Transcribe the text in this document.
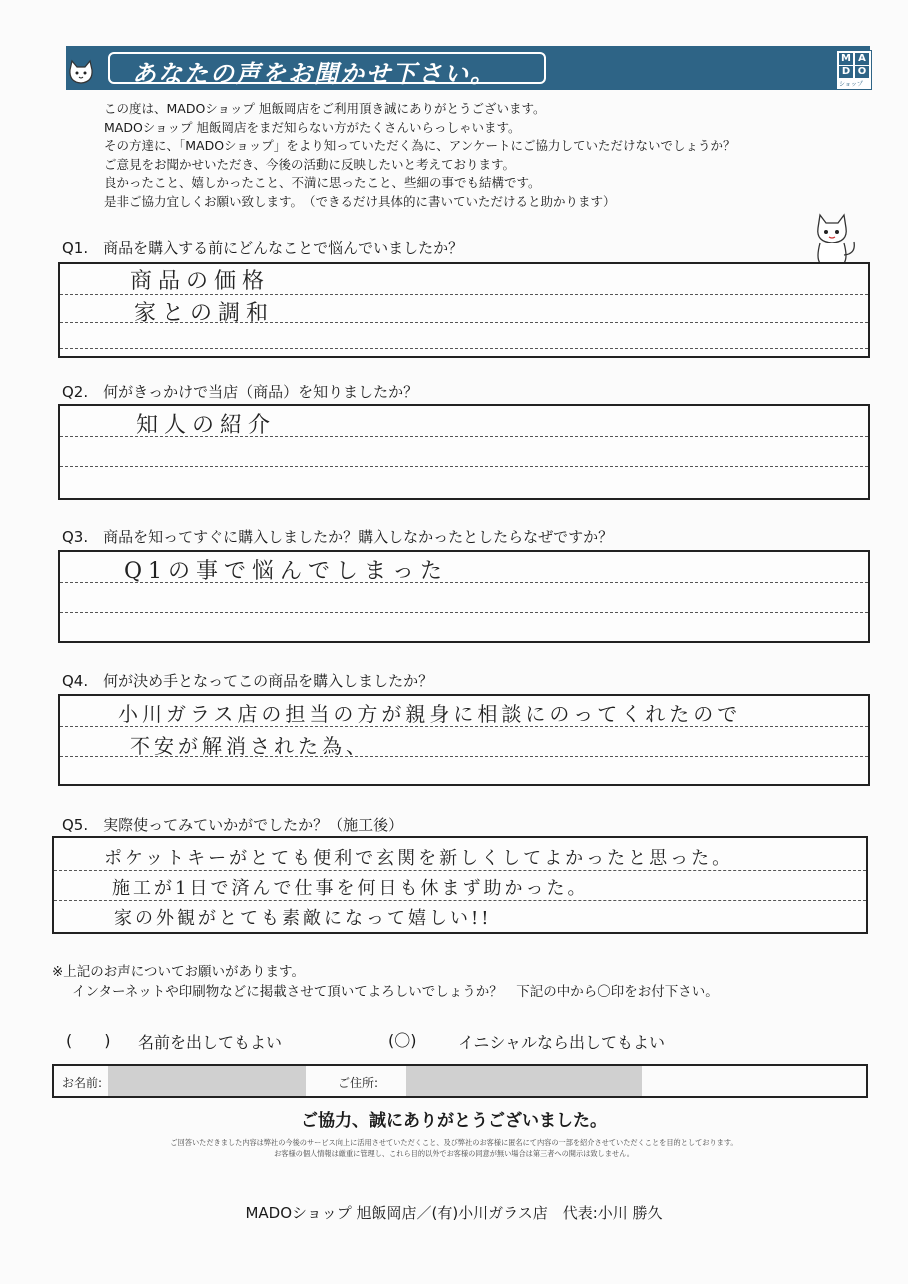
あなたの声をお聞かせ下さい。
M A
D O
ショップ
この度は、MADOショップ 旭飯岡店をご利用頂き誠にありがとうございます。
MADOショップ 旭飯岡店をまだ知らない方がたくさんいらっしゃいます。
その方達に、「MADOショップ」をより知っていただく為に、アンケートにご協力していただけないでしょうか？
ご意見をお聞かせいただき、今後の活動に反映したいと考えております。
良かったこと、嬉しかったこと、不満に思ったこと、些細の事でも結構です。
是非ご協力宜しくお願い致します。　（できるだけ具体的に書いていただけると助かります）
Q1.　商品を購入する前にどんなことで悩んでいましたか？
商品の価格
家との調和
Q2.　何がきっかけで当店（商品）を知りましたか？
知人の紹介
Q3.　商品を知ってすぐに購入しましたか？購入しなかったとしたらなぜですか？
Q1の事で悩んでしまった
Q4.　何が決め手となってこの商品を購入しましたか？
小川ガラス店の担当の方が親身に相談にのってくれたので
不安が解消された為、
Q5.　実際使ってみていかがでしたか？（施工後）
ポケットキーがとても便利で玄関を新しくしてよかったと思った。
施工が1日で済んで仕事を何日も休まず助かった。
家の外観がとても素敵になって嬉しい!!
※上記のお声についてお願いがあります。
インターネットや印刷物などに掲載させて頂いてよろしいでしょうか？　下記の中から〇印をお付下さい。
(　　) 名前を出してもよい	(〇)	イニシャルなら出してもよい
お名前:	ご住所:
ご協力、誠にありがとうございました。
ご回答いただきました内容は弊社の今後のサービス向上に活用させていただくこと、及び弊社のお客様に匿名にて内容の一部を紹介させていただくことを目的としております。
お客様の個人情報は厳重に管理し、これら目的以外でお客様の同意が無い場合は第三者への開示は致しません。
MADOショップ 旭飯岡店／(有)小川ガラス店　代表:小川 勝久
